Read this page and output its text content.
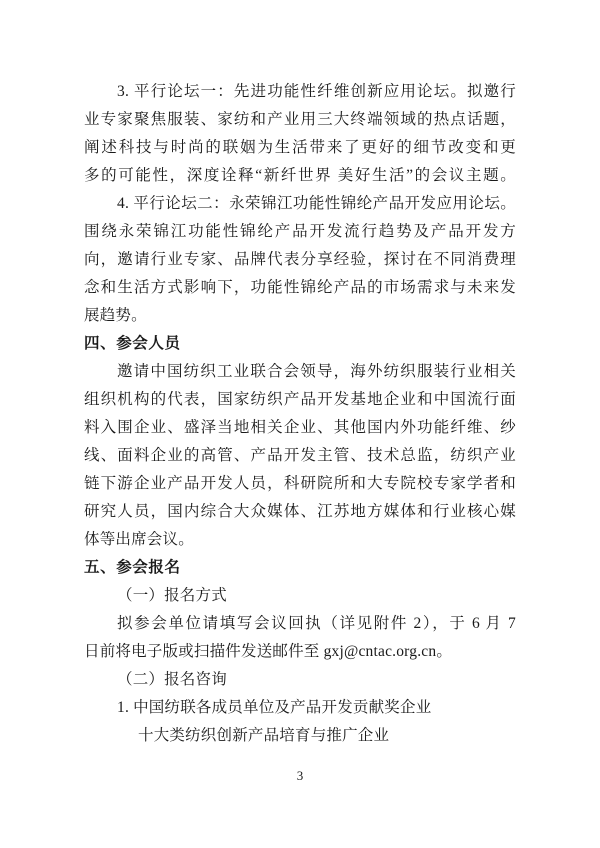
3. 平行论坛一：先进功能性纤维创新应用论坛。拟邀行
业专家聚焦服装、家纺和产业用三大终端领域的热点话题，
阐述科技与时尚的联姻为生活带来了更好的细节改变和更
多的可能性，深度诠释“新纤世界 美好生活”的会议主题。
4. 平行论坛二：永荣锦江功能性锦纶产品开发应用论坛。
围绕永荣锦江功能性锦纶产品开发流行趋势及产品开发方
向，邀请行业专家、品牌代表分享经验，探讨在不同消费理
念和生活方式影响下，功能性锦纶产品的市场需求与未来发
展趋势。
四、参会人员
邀请中国纺织工业联合会领导，海外纺织服装行业相关
组织机构的代表，国家纺织产品开发基地企业和中国流行面
料入围企业、盛泽当地相关企业、其他国内外功能纤维、纱
线、面料企业的高管、产品开发主管、技术总监，纺织产业
链下游企业产品开发人员，科研院所和大专院校专家学者和
研究人员，国内综合大众媒体、江苏地方媒体和行业核心媒
体等出席会议。
五、参会报名
（一）报名方式
拟参会单位请填写会议回执（详见附件 2），于 6 月 7
日前将电子版或扫描件发送邮件至 gxj@cntac.org.cn。
（二）报名咨询
1. 中国纺联各成员单位及产品开发贡献奖企业
十大类纺织创新产品培育与推广企业
3
